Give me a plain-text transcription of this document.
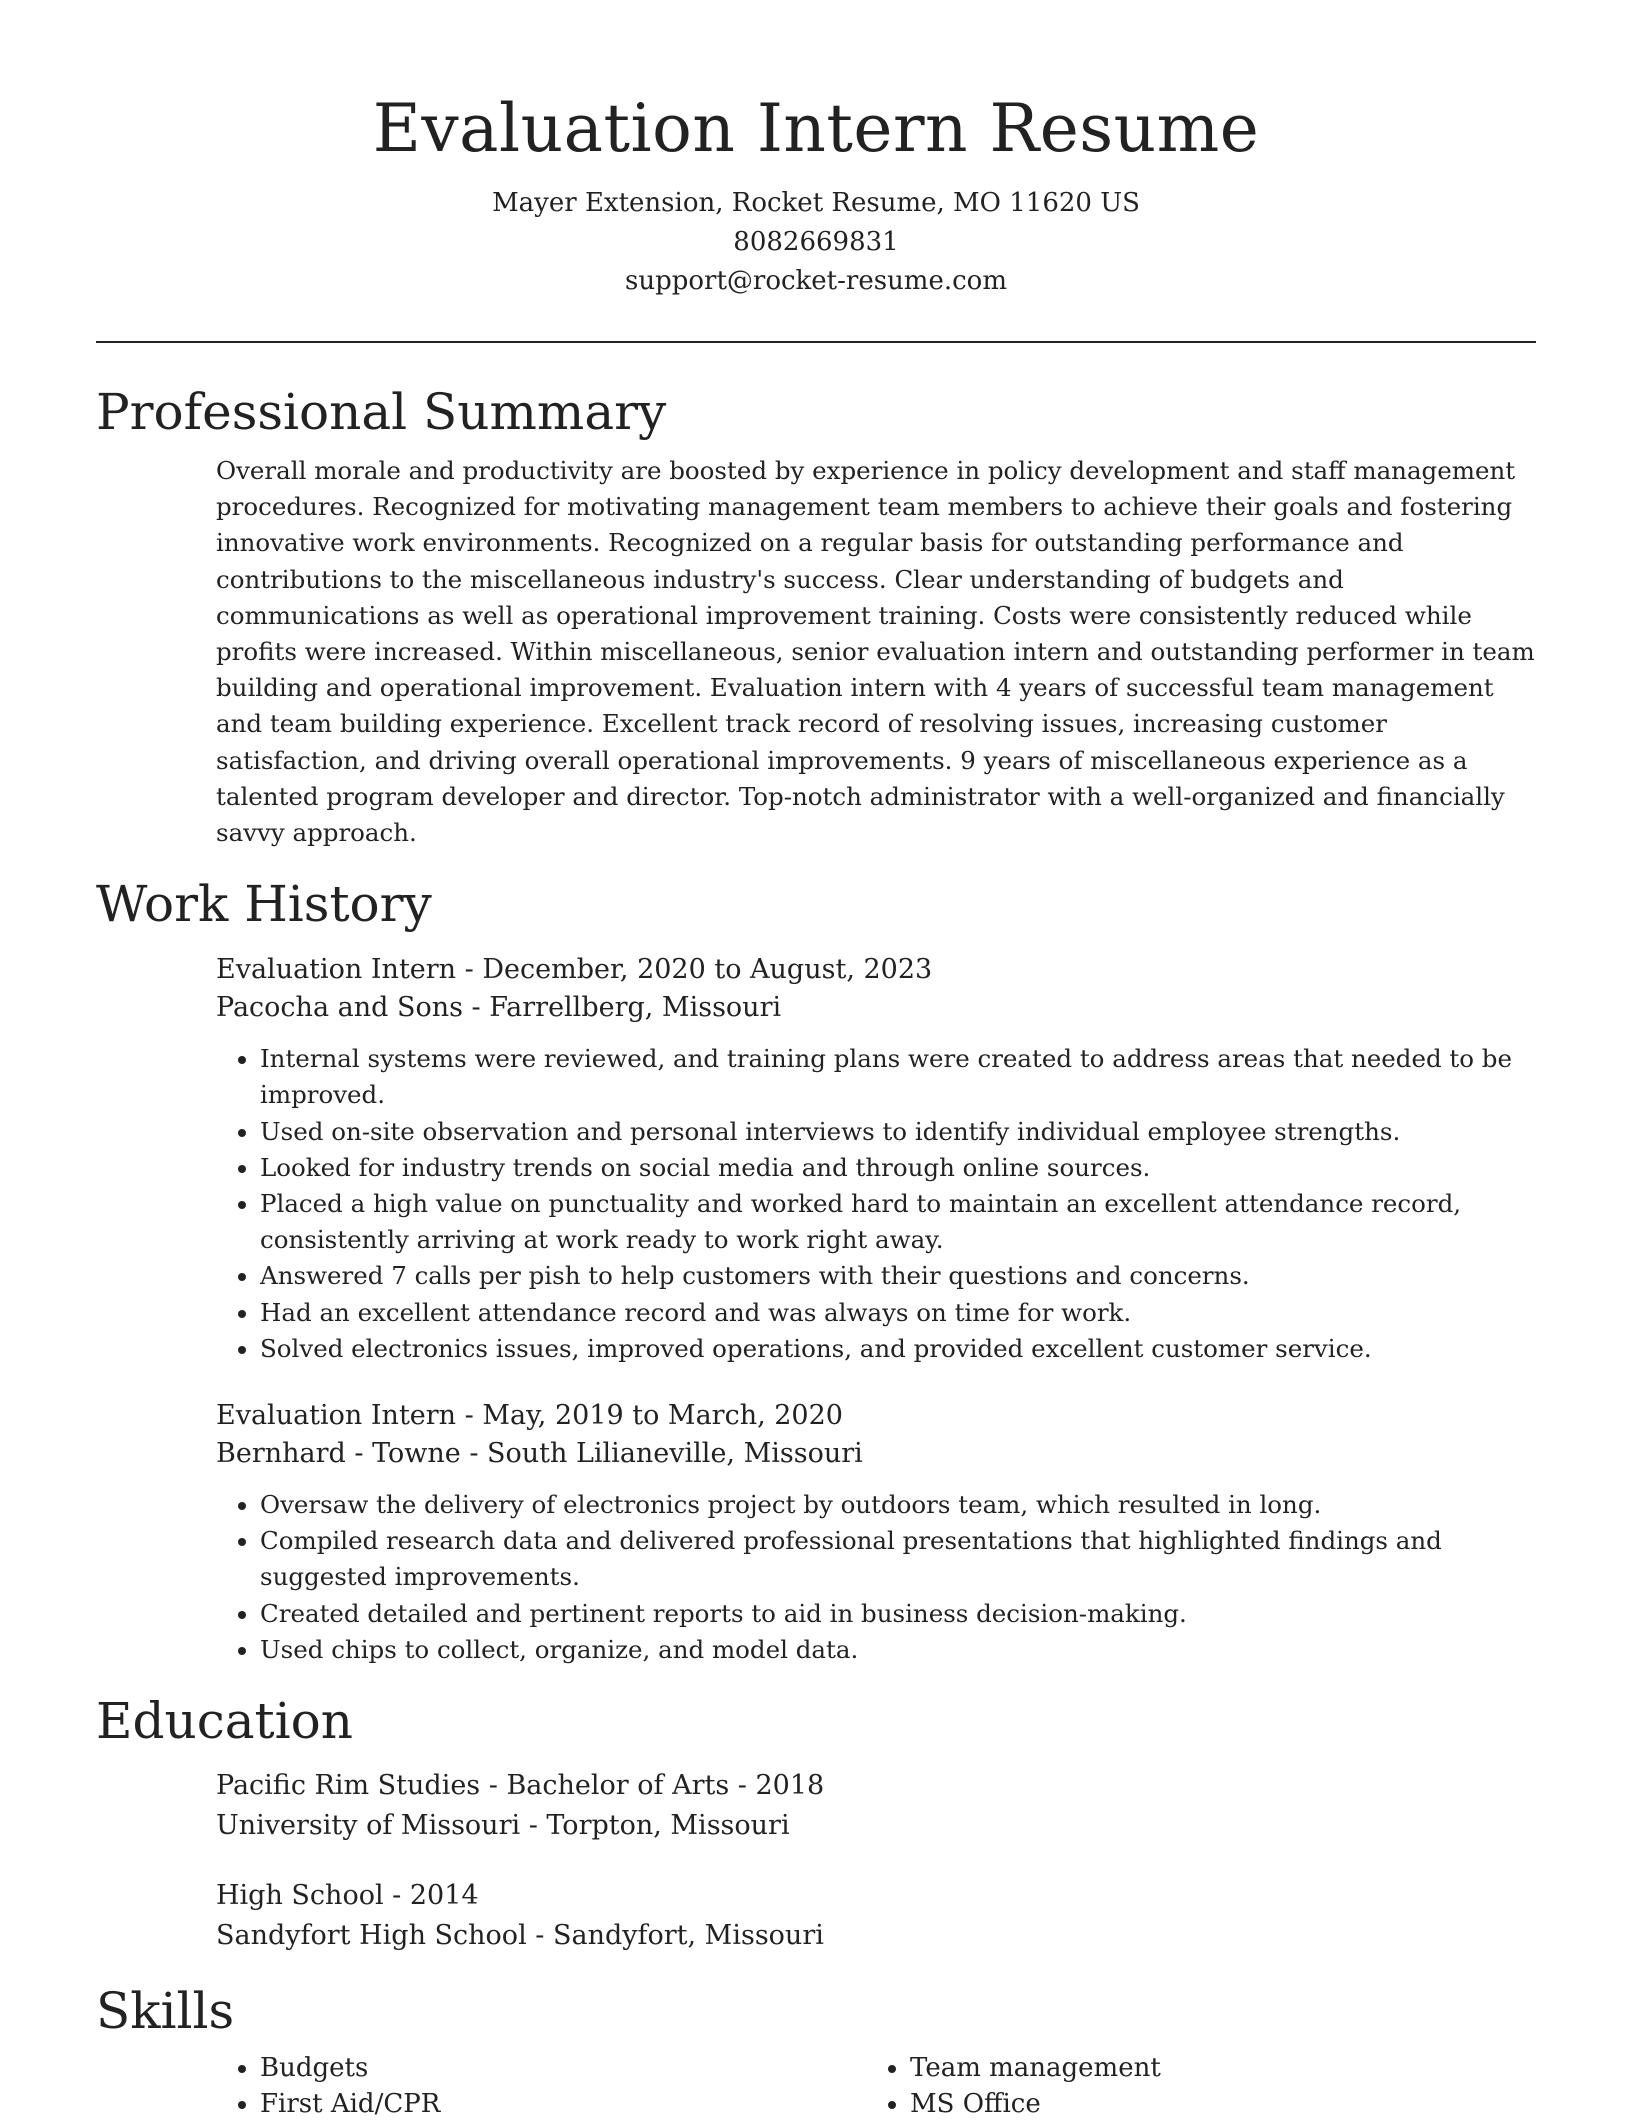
Evaluation Intern Resume
Mayer Extension, Rocket Resume, MO 11620 US
8082669831
support@rocket-resume.com
Professional Summary

Overall morale and productivity are boosted by experience in policy development and staff management procedures. Recognized for motivating management team members to achieve their goals and fostering innovative work environments. Recognized on a regular basis for outstanding performance and contributions to the miscellaneous industry's success. Clear understanding of budgets and communications as well as operational improvement training. Costs were consistently reduced while profits were increased. Within miscellaneous, senior evaluation intern and outstanding performer in team building and operational improvement. Evaluation intern with 4 years of successful team management and team building experience. Excellent track record of resolving issues, increasing customer satisfaction, and driving overall operational improvements. 9 years of miscellaneous experience as a talented program developer and director. Top-notch administrator with a well-organized and financially savvy approach.

Work History
Evaluation Intern - December, 2020 to August, 2023
Pacocha and Sons - Farrellberg, Missouri
• Internal systems were reviewed, and training plans were created to address areas that needed to be improved.
• Used on-site observation and personal interviews to identify individual employee strengths.
• Looked for industry trends on social media and through online sources.
• Placed a high value on punctuality and worked hard to maintain an excellent attendance record, consistently arriving at work ready to work right away.
• Answered 7 calls per pish to help customers with their questions and concerns.
• Had an excellent attendance record and was always on time for work.
• Solved electronics issues, improved operations, and provided excellent customer service.
Evaluation Intern - May, 2019 to March, 2020
Bernhard - Towne - South Lilianeville, Missouri
• Oversaw the delivery of electronics project by outdoors team, which resulted in long.
• Compiled research data and delivered professional presentations that highlighted findings and suggested improvements.
• Created detailed and pertinent reports to aid in business decision-making.
• Used chips to collect, organize, and model data.
Education
Pacific Rim Studies - Bachelor of Arts - 2018
University of Missouri - Torpton, Missouri
High School - 2014
Sandyfort High School - Sandyfort, Missouri
Skills
• Budgets
• First Aid/CPR
• Team management
• MS Office
